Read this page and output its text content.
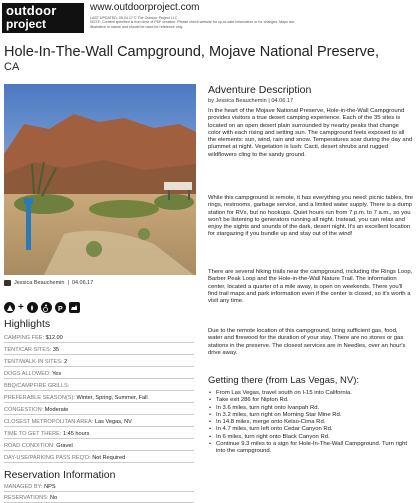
outdoor
project
www.outdoorproject.com
LAST UPDATED: 05.04.17 © The Outdoor Project LLC
NOTE: Content specified is from time of PDF creation. Please check website for up-to-date information or for changes. Maps are illustrative in nature and should be used for reference only.
Hole-In-The-Wall Campground, Mojave National Preserve,
CA
Jessica Beauchemin | 04.06.17
+	P
Highlights
CAMPING FEE: $12.00
TENT/CAR SITES: 35
TENT/WALK-IN SITES: 2
DOGS ALLOWED: Yes
BBQ/CAMPFIRE GRILLS:
PREFERABLE SEASON(S): Winter, Spring, Summer, Fall
CONGESTION: Moderate
CLOSEST METROPOLITAN AREA: Las Vegas, NV
TIME TO GET THERE: 1:45 hours
ROAD CONDITION: Gravel
DAY-USE/PARKING PASS REQ'D: Not Required
Reservation Information
MANAGED BY: NPS
RESERVATIONS: No
Adventure Description
by Jessica Beauchemin | 04.06.17

In the heart of the Mojave National Preserve, Hole-in-the-Wall Campground provides visitors a true desert camping experience. Each of the 35 sites is located on an open desert plain surrounded by nearby peaks that change color with each rising and setting sun. The campground feels exposed to all the elements: sun, wind, rain and snow. Temperatures soar during the day and plummet at night. Vegetation is lush: Cacti, desert shrubs and rugged wildflowers cling to the sandy ground.

While this campground is remote, it has everything you need: picnic tables, fire rings, restrooms, garbage service, and a limited water supply. There is a dump station for RVs, but no hookups. Quiet hours run from 7 p.m. to 7 a.m., so you won't be listening to generators running all night. Instead, you can relax and enjoy the sights and sounds of the dark, desert night. It's an excellent location for stargazing if you bundle up and stay out of the wind!

There are several hiking trails near the campground, including the Rings Loop, Barber Peak Loop and the Hole-in-the-Wall Nature Trail. The information center, located a quarter of a mile away, is open on weekends. There you'll find trail maps and park information even if the center is closed, so it's worth a visit any time.

Due to the remote location of this campground, bring sufficient gas, food, water and firewood for the duration of your stay. There are no stores or gas stations in the preserve. The closest services are in Needles, over an hour's drive away.

Getting there (from Las Vegas, NV):
• From Las Vegas, travel south on I-15 into California.
• Take exit 286 for Nipton Rd.
• In 3.6 miles, turn right onto Ivanpah Rd.
• In 3.2 miles, turn right on Morning Star Mine Rd.
• In 14.8 miles, merge onto Kelso-Cima Rd.
• In 4.7 miles, turn left onto Cedar Canyon Rd.
• In 6 miles, turn right onto Black Canyon Rd.
• Continue 9.3 miles to a sign for Hole-In-The-Wall Campground. Turn right into the campground.
